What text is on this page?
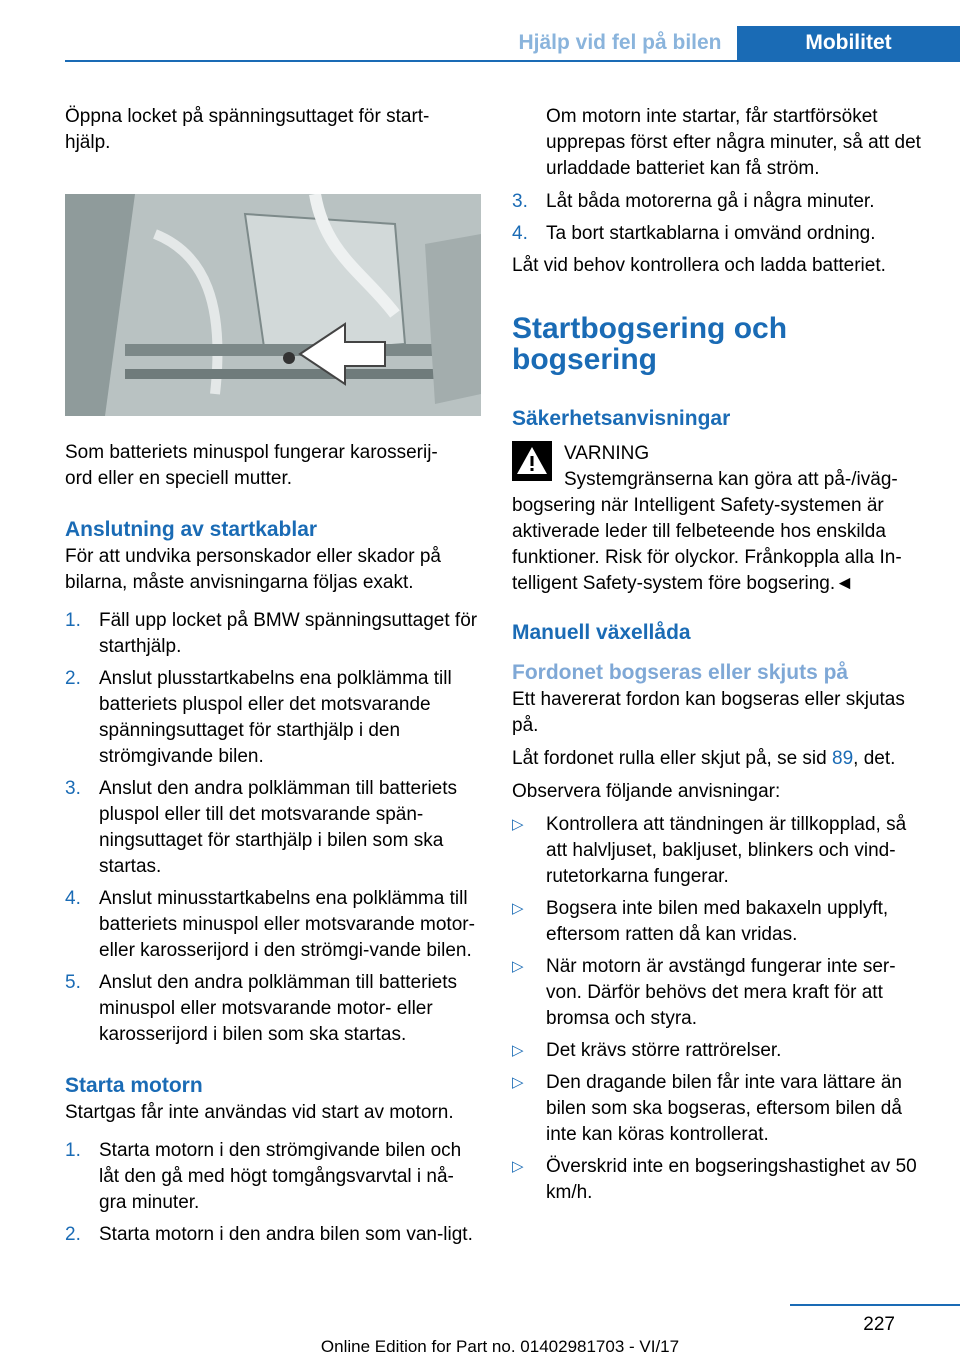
Hjälp vid fel på bilen	Mobilitet

Öppna locket på spänningsuttaget för start-
hjälp.

Som batteriets minuspol fungerar karosserij-
ord eller en speciell mutter.

Anslutning av startkablar

För att undvika personskador eller skador på bilarna, måste anvisningarna följas exakt.

1. Fäll upp locket på BMW spänningsuttaget för starthjälp.
2. Anslut plusstartkabelns ena polklämma till batteriets pluspol eller det motsvarande spänningsuttaget för starthjälp i den strömgivande bilen.
3. Anslut den andra polklämman till batteriets pluspol eller till det motsvarande spän-ningsuttaget för starthjälp i bilen som ska startas.
4. Anslut minusstartkabelns ena polklämma till batteriets minuspol eller motsvarande motor- eller karosserijord i den strömgi-vande bilen.
5. Anslut den andra polklämman till batteriets minuspol eller motsvarande motor- eller karosserijord i bilen som ska startas.
Starta motorn

Startgas får inte användas vid start av motorn.

1. Starta motorn i den strömgivande bilen och låt den gå med högt tomgångsvarvtal i nå-gra minuter.
2. Starta motorn i den andra bilen som van-ligt.

Om motorn inte startar, får startförsöket upprepas först efter några minuter, så att det urladdade batteriet kan få ström.

3. Låt båda motorerna gå i några minuter.
4. Ta bort startkablarna i omvänd ordning.

Låt vid behov kontrollera och ladda batteriet.

Startbogsering och bogsering
Säkerhetsanvisningar
VARNING
Systemgränserna kan göra att på-/iväg-

bogsering när Intelligent Safety-systemen är aktiverade leder till felbeteende hos enskilda funktioner. Risk för olyckor. Frånkoppla alla In-telligent Safety-system före bogsering.◄

Manuell växellåda
Fordonet bogseras eller skjuts på

Ett havererat fordon kan bogseras eller skjutas på.

Låt fordonet rulla eller skjut på, se sid 89, det.

Observera följande anvisningar:

▷	Kontrollera att tändningen är tillkopplad, så att halvljuset, bakljuset, blinkers och vind-rutetorkarna fungerar.
▷	Bogsera inte bilen med bakaxeln upplyft, eftersom ratten då kan vridas.
▷	När motorn är avstängd fungerar inte ser-von. Därför behövs det mera kraft för att bromsa och styra.
▷	Det krävs större rattrörelser.
▷	Den dragande bilen får inte vara lättare än bilen som ska bogseras, eftersom bilen då inte kan köras kontrollerat.
▷	Överskrid inte en bogseringshastighet av 50 km/h.
227
Online Edition for Part no. 01402981703 - VI/17
